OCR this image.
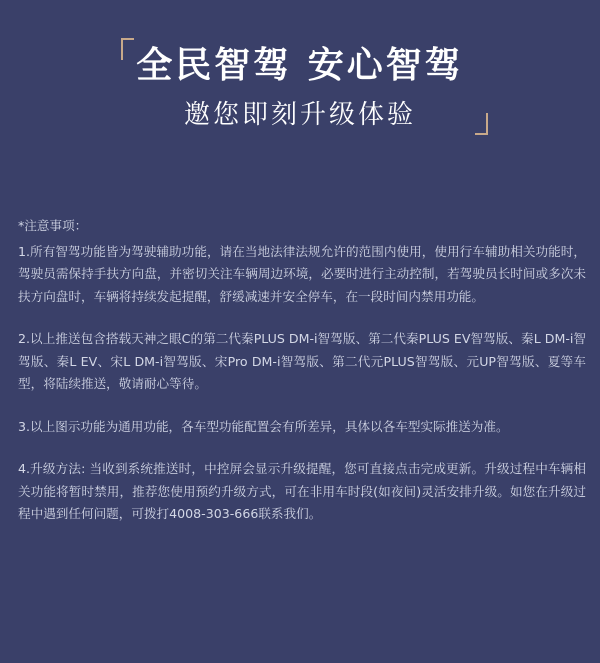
全民智驾 安心智驾
邀您即刻升级体验
*注意事项：

1.所有智驾功能皆为驾驶辅助功能，请在当地法律法规允许的范围内使用，使用行车辅助相关功能时，驾驶员需保持手扶方向盘，并密切关注车辆周边环境，必要时进行主动控制，若驾驶员长时间或多次未扶方向盘时，车辆将持续发起提醒，舒缓减速并安全停车，在一段时间内禁用功能。

2.以上推送包含搭载天神之眼C的第二代秦PLUS DM-i智驾版、第二代秦PLUS EV智驾版、秦L DM-i智驾版、秦L EV、宋L DM-i智驾版、宋Pro DM-i智驾版、第二代元PLUS智驾版、元UP智驾版、夏等车型，将陆续推送，敬请耐心等待。

3.以上图示功能为通用功能，各车型功能配置会有所差异，具体以各车型实际推送为准。

4.升级方法: 当收到系统推送时，中控屏会显示升级提醒，您可直接点击完成更新。升级过程中车辆相关功能将暂时禁用，推荐您使用预约升级方式，可在非用车时段(如夜间)灵活安排升级。如您在升级过程中遇到任何问题，可拨打4008-303-666联系我们。
